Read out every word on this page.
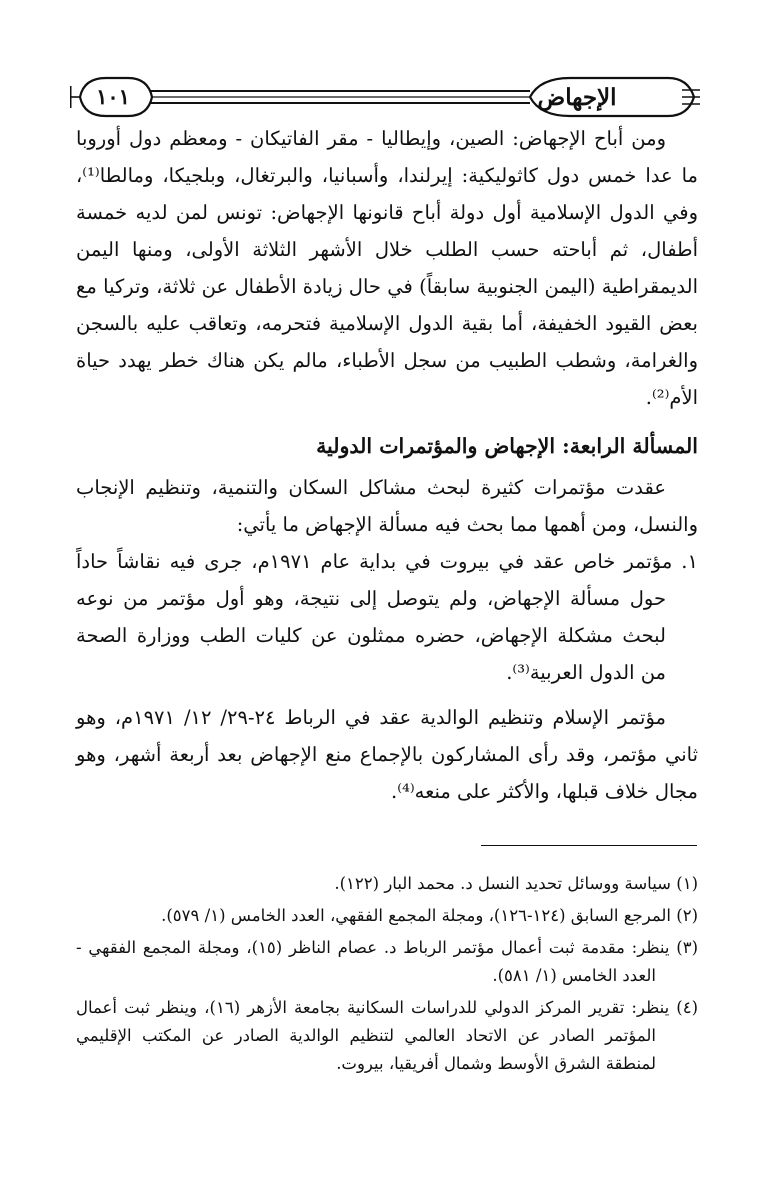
الإجهاض
١٠١

ومن أباح الإجهاض: الصين، وإيطاليا - مقر الفاتيكان - ومعظم دول أوروبا ما عدا خمس دول كاثوليكية: إيرلندا، وأسبانيا، والبرتغال، وبلجيكا، ومالطا⁽¹⁾، وفي الدول الإسلامية أول دولة أباح قانونها الإجهاض: تونس لمن لديه خمسة أطفال، ثم أباحته حسب الطلب خلال الأشهر الثلاثة الأولى، ومنها اليمن الديمقراطية (اليمن الجنوبية سابقاً) في حال زيادة الأطفال عن ثلاثة، وتركيا مع بعض القيود الخفيفة، أما بقية الدول الإسلامية فتحرمه، وتعاقب عليه بالسجن والغرامة، وشطب الطبيب من سجل الأطباء، مالم يكن هناك خطر يهدد حياة الأم⁽²⁾.

المسألة الرابعة: الإجهاض والمؤتمرات الدولية

عقدت مؤتمرات كثيرة لبحث مشاكل السكان والتنمية، وتنظيم الإنجاب والنسل، ومن أهمها مما بحث فيه مسألة الإجهاض ما يأتي:

١. مؤتمر خاص عقد في بيروت في بداية عام ١٩٧١م، جرى فيه نقاشاً حاداً حول مسألة الإجهاض، ولم يتوصل إلى نتيجة، وهو أول مؤتمر من نوعه لبحث مشكلة الإجهاض، حضره ممثلون عن كليات الطب ووزارة الصحة من الدول العربية⁽³⁾.

مؤتمر الإسلام وتنظيم الوالدية عقد في الرباط ٢٤-٢٩/ ١٢/ ١٩٧١م، وهو ثاني مؤتمر، وقد رأى المشاركون بالإجماع منع الإجهاض بعد أربعة أشهر، وهو مجال خلاف قبلها، والأكثر على منعه⁽⁴⁾.

(١) سياسة ووسائل تحديد النسل د. محمد البار (١٢٢).

(٢) المرجع السابق (١٢٤-١٢٦)، ومجلة المجمع الفقهي، العدد الخامس (١/ ٥٧٩).

(٣) ينظر: مقدمة ثبت أعمال مؤتمر الرباط د. عصام الناظر (١٥)، ومجلة المجمع الفقهي - العدد الخامس (١/ ٥٨١).

(٤) ينظر: تقرير المركز الدولي للدراسات السكانية بجامعة الأزهر (١٦)، وينظر ثبت أعمال المؤتمر الصادر عن الاتحاد العالمي لتنظيم الوالدية الصادر عن المكتب الإقليمي لمنطقة الشرق الأوسط وشمال أفريقيا، بيروت.
